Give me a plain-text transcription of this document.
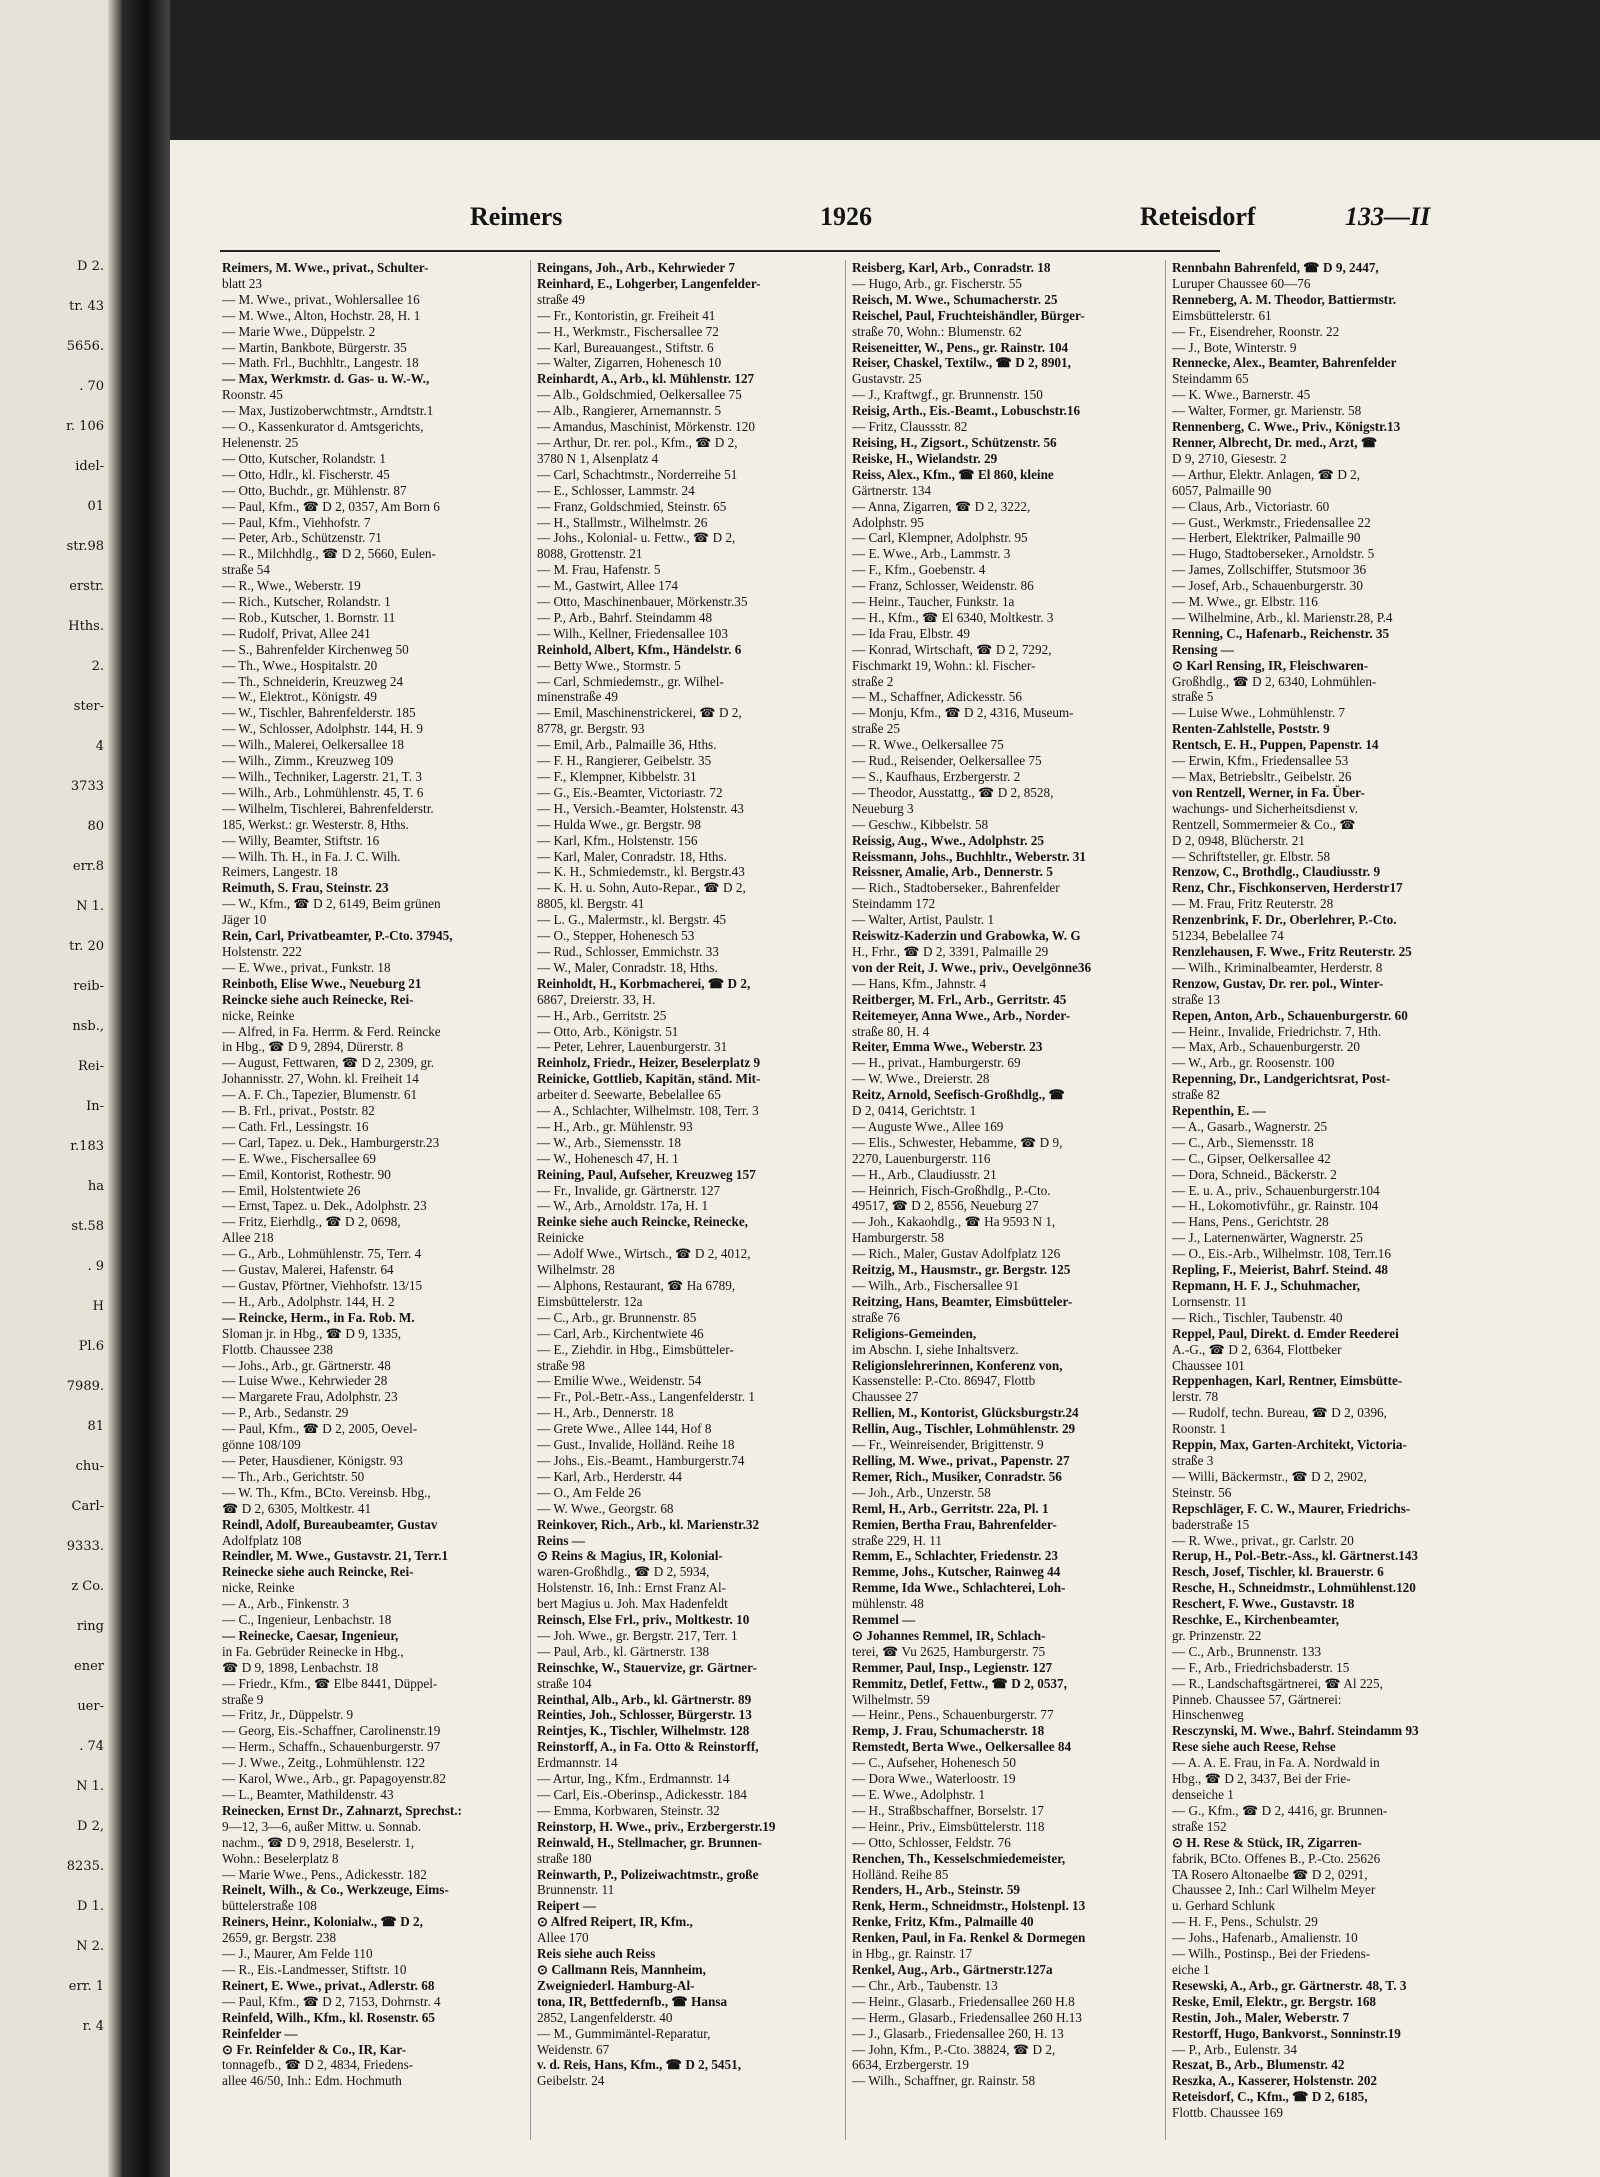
D 2.
tr. 43
5656.
. 70
r. 106
idel-
01
str.98
erstr.
Hths.
2.
ster-
4
3733
80
err.8
N 1.
tr. 20
reib-
nsb.,
Rei-
In-
r.183
ha
st.58
. 9
H
Pl.6
7989.
81
chu-
Carl-
9333.
z Co.
ring
ener
uer-
. 74
N 1.
D 2,
8235.
D 1.
N 2.
err. 1
r. 4
Reimers	1926	Reteisdorf	133—II

Reimers, M. Wwe., privat., Schulter-

blatt 23

— M. Wwe., privat., Wohlersallee 16

— M. Wwe., Alton, Hochstr. 28, H. 1

— Marie Wwe., Düppelstr. 2

— Martin, Bankbote, Bürgerstr. 35

— Math. Frl., Buchhltr., Langestr. 18

— Max, Werkmstr. d. Gas- u. W.-W.,

Roonstr. 45

— Max, Justizoberwchtmstr., Arndtstr.1

— O., Kassenkurator d. Amtsgerichts,

Helenenstr. 25

— Otto, Kutscher, Rolandstr. 1

— Otto, Hdlr., kl. Fischerstr. 45

— Otto, Buchdr., gr. Mühlenstr. 87

— Paul, Kfm., ☎ D 2, 0357, Am Born 6

— Paul, Kfm., Viehhofstr. 7

— Peter, Arb., Schützenstr. 71

— R., Milchhdlg., ☎ D 2, 5660, Eulen-

straße 54

— R., Wwe., Weberstr. 19

— Rich., Kutscher, Rolandstr. 1

— Rob., Kutscher, 1. Bornstr. 11

— Rudolf, Privat, Allee 241

— S., Bahrenfelder Kirchenweg 50

— Th., Wwe., Hospitalstr. 20

— Th., Schneiderin, Kreuzweg 24

— W., Elektrot., Königstr. 49

— W., Tischler, Bahrenfelderstr. 185

— W., Schlosser, Adolphstr. 144, H. 9

— Wilh., Malerei, Oelkersallee 18

— Wilh., Zimm., Kreuzweg 109

— Wilh., Techniker, Lagerstr. 21, T. 3

— Wilh., Arb., Lohmühlenstr. 45, T. 6

— Wilhelm, Tischlerei, Bahrenfelderstr.

185, Werkst.: gr. Westerstr. 8, Hths.

— Willy, Beamter, Stiftstr. 16

— Wilh. Th. H., in Fa. J. C. Wilh.

Reimers, Langestr. 18

Reimuth, S. Frau, Steinstr. 23

— W., Kfm., ☎ D 2, 6149, Beim grünen

Jäger 10

Rein, Carl, Privatbeamter, P.-Cto. 37945,

Holstenstr. 222

— E. Wwe., privat., Funkstr. 18

Reinboth, Elise Wwe., Neueburg 21

Reincke siehe auch Reinecke, Rei-

nicke, Reinke

— Alfred, in Fa. Herrm. & Ferd. Reincke

in Hbg., ☎ D 9, 2894, Dürerstr. 8

— August, Fettwaren, ☎ D 2, 2309, gr.

Johannisstr. 27, Wohn. kl. Freiheit 14

— A. F. Ch., Tapezier, Blumenstr. 61

— B. Frl., privat., Poststr. 82

— Cath. Frl., Lessingstr. 16

— Carl, Tapez. u. Dek., Hamburgerstr.23

— E. Wwe., Fischersallee 69

— Emil, Kontorist, Rothestr. 90

— Emil, Holstentwiete 26

— Ernst, Tapez. u. Dek., Adolphstr. 23

— Fritz, Eierhdlg., ☎ D 2, 0698,

Allee 218

— G., Arb., Lohmühlenstr. 75, Terr. 4

— Gustav, Malerei, Hafenstr. 64

— Gustav, Pförtner, Viehhofstr. 13/15

— H., Arb., Adolphstr. 144, H. 2

— Reincke, Herm., in Fa. Rob. M.

Sloman jr. in Hbg., ☎ D 9, 1335,

Flottb. Chaussee 238

— Johs., Arb., gr. Gärtnerstr. 48

— Luise Wwe., Kehrwieder 28

— Margarete Frau, Adolphstr. 23

— P., Arb., Sedanstr. 29

— Paul, Kfm., ☎ D 2, 2005, Oevel-

gönne 108/109

— Peter, Hausdiener, Königstr. 93

— Th., Arb., Gerichtstr. 50

— W. Th., Kfm., BCto. Vereinsb. Hbg.,

☎ D 2, 6305, Moltkestr. 41

Reindl, Adolf, Bureaubeamter, Gustav

Adolfplatz 108

Reindler, M. Wwe., Gustavstr. 21, Terr.1

Reinecke siehe auch Reincke, Rei-

nicke, Reinke

— A., Arb., Finkenstr. 3

— C., Ingenieur, Lenbachstr. 18

— Reinecke, Caesar, Ingenieur,

in Fa. Gebrüder Reinecke in Hbg.,

☎ D 9, 1898, Lenbachstr. 18

— Friedr., Kfm., ☎ Elbe 8441, Düppel-

straße 9

— Fritz, Jr., Düppelstr. 9

— Georg, Eis.-Schaffner, Carolinenstr.19

— Herm., Schaffn., Schauenburgerstr. 97

— J. Wwe., Zeitg., Lohmühlenstr. 122

— Karol, Wwe., Arb., gr. Papagoyenstr.82

— L., Beamter, Mathildenstr. 43

Reinecken, Ernst Dr., Zahnarzt, Sprechst.:

9—12, 3—6, außer Mittw. u. Sonnab.

nachm., ☎ D 9, 2918, Beselerstr. 1,

Wohn.: Beselerplatz 8

— Marie Wwe., Pens., Adickesstr. 182

Reinelt, Wilh., & Co., Werkzeuge, Eims-

büttelerstraße 108

Reiners, Heinr., Kolonialw., ☎ D 2,

2659, gr. Bergstr. 238

— J., Maurer, Am Felde 110

— R., Eis.-Landmesser, Stiftstr. 10

Reinert, E. Wwe., privat., Adlerstr. 68

— Paul, Kfm., ☎ D 2, 7153, Dohrnstr. 4

Reinfeld, Wilh., Kfm., kl. Rosenstr. 65

Reinfelder —

⊙ Fr. Reinfelder & Co., IR, Kar-

tonnagefb., ☎ D 2, 4834, Friedens-

allee 46/50, Inh.: Edm. Hochmuth

Reingans, Joh., Arb., Kehrwieder 7

Reinhard, E., Lohgerber, Langenfelder-

straße 49

— Fr., Kontoristin, gr. Freiheit 41

— H., Werkmstr., Fischersallee 72

— Karl, Bureauangest., Stiftstr. 6

— Walter, Zigarren, Hohenesch 10

Reinhardt, A., Arb., kl. Mühlenstr. 127

— Alb., Goldschmied, Oelkersallee 75

— Alb., Rangierer, Arnemannstr. 5

— Amandus, Maschinist, Mörkenstr. 120

— Arthur, Dr. rer. pol., Kfm., ☎ D 2,

3780 N 1, Alsenplatz 4

— Carl, Schachtmstr., Norderreihe 51

— E., Schlosser, Lammstr. 24

— Franz, Goldschmied, Steinstr. 65

— H., Stallmstr., Wilhelmstr. 26

— Johs., Kolonial- u. Fettw., ☎ D 2,

8088, Grottenstr. 21

— M. Frau, Hafenstr. 5

— M., Gastwirt, Allee 174

— Otto, Maschinenbauer, Mörkenstr.35

— P., Arb., Bahrf. Steindamm 48

— Wilh., Kellner, Friedensallee 103

Reinhold, Albert, Kfm., Händelstr. 6

— Betty Wwe., Stormstr. 5

— Carl, Schmiedemstr., gr. Wilhel-

minenstraße 49

— Emil, Maschinenstrickerei, ☎ D 2,

8778, gr. Bergstr. 93

— Emil, Arb., Palmaille 36, Hths.

— F. H., Rangierer, Geibelstr. 35

— F., Klempner, Kibbelstr. 31

— G., Eis.-Beamter, Victoriastr. 72

— H., Versich.-Beamter, Holstenstr. 43

— Hulda Wwe., gr. Bergstr. 98

— Karl, Kfm., Holstenstr. 156

— Karl, Maler, Conradstr. 18, Hths.

— K. H., Schmiedemstr., kl. Bergstr.43

— K. H. u. Sohn, Auto-Repar., ☎ D 2,

8805, kl. Bergstr. 41

— L. G., Malermstr., kl. Bergstr. 45

— O., Stepper, Hohenesch 53

— Rud., Schlosser, Emmichstr. 33

— W., Maler, Conradstr. 18, Hths.

Reinholdt, H., Korbmacherei, ☎ D 2,

6867, Dreierstr. 33, H.

— H., Arb., Gerritstr. 25

— Otto, Arb., Königstr. 51

— Peter, Lehrer, Lauenburgerstr. 31

Reinholz, Friedr., Heizer, Beselerplatz 9

Reinicke, Gottlieb, Kapitän, ständ. Mit-

arbeiter d. Seewarte, Bebelallee 65

— A., Schlachter, Wilhelmstr. 108, Terr. 3

— H., Arb., gr. Mühlenstr. 93

— W., Arb., Siemensstr. 18

— W., Hohenesch 47, H. 1

Reining, Paul, Aufseher, Kreuzweg 157

— Fr., Invalide, gr. Gärtnerstr. 127

— W., Arb., Arnoldstr. 17a, H. 1

Reinke siehe auch Reincke, Reinecke,

Reinicke

— Adolf Wwe., Wirtsch., ☎ D 2, 4012,

Wilhelmstr. 28

— Alphons, Restaurant, ☎ Ha 6789,

Eimsbüttelerstr. 12a

— C., Arb., gr. Brunnenstr. 85

— Carl, Arb., Kirchentwiete 46

— E., Ziehdir. in Hbg., Eimsbütteler-

straße 98

— Emilie Wwe., Weidenstr. 54

— Fr., Pol.-Betr.-Ass., Langenfelderstr. 1

— H., Arb., Dennerstr. 18

— Grete Wwe., Allee 144, Hof 8

— Gust., Invalide, Holländ. Reihe 18

— Johs., Eis.-Beamt., Hamburgerstr.74

— Karl, Arb., Herderstr. 44

— O., Am Felde 26

— W. Wwe., Georgstr. 68

Reinkover, Rich., Arb., kl. Marienstr.32

Reins —

⊙ Reins & Magius, IR, Kolonial-

waren-Großhdlg., ☎ D 2, 5934,

Holstenstr. 16, Inh.: Ernst Franz Al-

bert Magius u. Joh. Max Hadenfeldt

Reinsch, Else Frl., priv., Moltkestr. 10

— Joh. Wwe., gr. Bergstr. 217, Terr. 1

— Paul, Arb., kl. Gärtnerstr. 138

Reinschke, W., Stauervize, gr. Gärtner-

straße 104

Reinthal, Alb., Arb., kl. Gärtnerstr. 89

Reinties, Joh., Schlosser, Bürgerstr. 13

Reintjes, K., Tischler, Wilhelmstr. 128

Reinstorff, A., in Fa. Otto & Reinstorff,

Erdmannstr. 14

— Artur, Ing., Kfm., Erdmannstr. 14

— Carl, Eis.-Oberinsp., Adickesstr. 184

— Emma, Korbwaren, Steinstr. 32

Reinstorp, H. Wwe., priv., Erzbergerstr.19

Reinwald, H., Stellmacher, gr. Brunnen-

straße 180

Reinwarth, P., Polizeiwachtmstr., große

Brunnenstr. 11

Reipert —

⊙ Alfred Reipert, IR, Kfm.,

Allee 170

Reis siehe auch Reiss

⊙ Callmann Reis, Mannheim,

Zweigniederl. Hamburg-Al-

tona, IR, Bettfedernfb., ☎ Hansa

2852, Langenfelderstr. 40

— M., Gummimäntel-Reparatur,

Weidenstr. 67

v. d. Reis, Hans, Kfm., ☎ D 2, 5451,

Geibelstr. 24

Reisberg, Karl, Arb., Conradstr. 18

— Hugo, Arb., gr. Fischerstr. 55

Reisch, M. Wwe., Schumacherstr. 25

Reischel, Paul, Fruchteishändler, Bürger-

straße 70, Wohn.: Blumenstr. 62

Reiseneitter, W., Pens., gr. Rainstr. 104

Reiser, Chaskel, Textilw., ☎ D 2, 8901,

Gustavstr. 25

— J., Kraftwgf., gr. Brunnenstr. 150

Reisig, Arth., Eis.-Beamt., Lobuschstr.16

— Fritz, Claussstr. 82

Reising, H., Zigsort., Schützenstr. 56

Reiske, H., Wielandstr. 29

Reiss, Alex., Kfm., ☎ El 860, kleine

Gärtnerstr. 134

— Anna, Zigarren, ☎ D 2, 3222,

Adolphstr. 95

— Carl, Klempner, Adolphstr. 95

— E. Wwe., Arb., Lammstr. 3

— F., Kfm., Goebenstr. 4

— Franz, Schlosser, Weidenstr. 86

— Heinr., Taucher, Funkstr. 1a

— H., Kfm., ☎ El 6340, Moltkestr. 3

— Ida Frau, Elbstr. 49

— Konrad, Wirtschaft, ☎ D 2, 7292,

Fischmarkt 19, Wohn.: kl. Fischer-

straße 2

— M., Schaffner, Adickesstr. 56

— Monju, Kfm., ☎ D 2, 4316, Museum-

straße 25

— R. Wwe., Oelkersallee 75

— Rud., Reisender, Oelkersallee 75

— S., Kaufhaus, Erzbergerstr. 2

— Theodor, Ausstattg., ☎ D 2, 8528,

Neueburg 3

— Geschw., Kibbelstr. 58

Reissig, Aug., Wwe., Adolphstr. 25

Reissmann, Johs., Buchhltr., Weberstr. 31

Reissner, Amalie, Arb., Dennerstr. 5

— Rich., Stadtoberseker., Bahrenfelder

Steindamm 172

— Walter, Artist, Paulstr. 1

Reiswitz-Kaderzin und Grabowka, W. G

H., Frhr., ☎ D 2, 3391, Palmaille 29

von der Reit, J. Wwe., priv., Oevelgönne36

— Hans, Kfm., Jahnstr. 4

Reitberger, M. Frl., Arb., Gerritstr. 45

Reitemeyer, Anna Wwe., Arb., Norder-

straße 80, H. 4

Reiter, Emma Wwe., Weberstr. 23

— H., privat., Hamburgerstr. 69

— W. Wwe., Dreierstr. 28

Reitz, Arnold, Seefisch-Großhdlg., ☎

D 2, 0414, Gerichtstr. 1

— Auguste Wwe., Allee 169

— Elis., Schwester, Hebamme, ☎ D 9,

2270, Lauenburgerstr. 116

— H., Arb., Claudiusstr. 21

— Heinrich, Fisch-Großhdlg., P.-Cto.

49517, ☎ D 2, 8556, Neueburg 27

— Joh., Kakaohdlg., ☎ Ha 9593 N 1,

Hamburgerstr. 58

— Rich., Maler, Gustav Adolfplatz 126

Reitzig, M., Hausmstr., gr. Bergstr. 125

— Wilh., Arb., Fischersallee 91

Reitzing, Hans, Beamter, Eimsbütteler-

straße 76

Religions-Gemeinden,

im Abschn. I, siehe Inhaltsverz.

Religionslehrerinnen, Konferenz von,

Kassenstelle: P.-Cto. 86947, Flottb

Chaussee 27

Rellien, M., Kontorist, Glücksburgstr.24

Rellin, Aug., Tischler, Lohmühlenstr. 29

— Fr., Weinreisender, Brigittenstr. 9

Relling, M. Wwe., privat., Papenstr. 27

Remer, Rich., Musiker, Conradstr. 56

— Joh., Arb., Unzerstr. 58

Reml, H., Arb., Gerritstr. 22a, Pl. 1

Remien, Bertha Frau, Bahrenfelder-

straße 229, H. 11

Remm, E., Schlachter, Friedenstr. 23

Remme, Johs., Kutscher, Rainweg 44

Remme, Ida Wwe., Schlachterei, Loh-

mühlenstr. 48

Remmel —

⊙ Johannes Remmel, IR, Schlach-

terei, ☎ Vu 2625, Hamburgerstr. 75

Remmer, Paul, Insp., Legienstr. 127

Remmitz, Detlef, Fettw., ☎ D 2, 0537,

Wilhelmstr. 59

— Heinr., Pens., Schauenburgerstr. 77

Remp, J. Frau, Schumacherstr. 18

Remstedt, Berta Wwe., Oelkersallee 84

— C., Aufseher, Hohenesch 50

— Dora Wwe., Waterloostr. 19

— E. Wwe., Adolphstr. 1

— H., Straßbschaffner, Borselstr. 17

— Heinr., Priv., Eimsbüttelerstr. 118

— Otto, Schlosser, Feldstr. 76

Renchen, Th., Kesselschmiedemeister,

Holländ. Reihe 85

Renders, H., Arb., Steinstr. 59

Renk, Herm., Schneidmstr., Holstenpl. 13

Renke, Fritz, Kfm., Palmaille 40

Renken, Paul, in Fa. Renkel & Dormegen

in Hbg., gr. Rainstr. 17

Renkel, Aug., Arb., Gärtnerstr.127a

— Chr., Arb., Taubenstr. 13

— Heinr., Glasarb., Friedensallee 260 H.8

— Herm., Glasarb., Friedensallee 260 H.13

— J., Glasarb., Friedensallee 260, H. 13

— John, Kfm., P.-Cto. 38824, ☎ D 2,

6634, Erzbergerstr. 19

— Wilh., Schaffner, gr. Rainstr. 58

Rennbahn Bahrenfeld, ☎ D 9, 2447,

Luruper Chaussee 60—76

Renneberg, A. M. Theodor, Battiermstr.

Eimsbüttelerstr. 61

— Fr., Eisendreher, Roonstr. 22

— J., Bote, Winterstr. 9

Rennecke, Alex., Beamter, Bahrenfelder

Steindamm 65

— K. Wwe., Barnerstr. 45

— Walter, Former, gr. Marienstr. 58

Rennenberg, C. Wwe., Priv., Königstr.13

Renner, Albrecht, Dr. med., Arzt, ☎

D 9, 2710, Giesestr. 2

— Arthur, Elektr. Anlagen, ☎ D 2,

6057, Palmaille 90

— Claus, Arb., Victoriastr. 60

— Gust., Werkmstr., Friedensallee 22

— Herbert, Elektriker, Palmaille 90

— Hugo, Stadtoberseker., Arnoldstr. 5

— James, Zollschiffer, Stutsmoor 36

— Josef, Arb., Schauenburgerstr. 30

— M. Wwe., gr. Elbstr. 116

— Wilhelmine, Arb., kl. Marienstr.28, P.4

Renning, C., Hafenarb., Reichenstr. 35

Rensing —

⊙ Karl Rensing, IR, Fleischwaren-

Großhdlg., ☎ D 2, 6340, Lohmühlen-

straße 5

— Luise Wwe., Lohmühlenstr. 7

Renten-Zahlstelle, Poststr. 9

Rentsch, E. H., Puppen, Papenstr. 14

— Erwin, Kfm., Friedensallee 53

— Max, Betriebsltr., Geibelstr. 26

von Rentzell, Werner, in Fa. Über-

wachungs- und Sicherheitsdienst v.

Rentzell, Sommermeier & Co., ☎

D 2, 0948, Blücherstr. 21

— Schriftsteller, gr. Elbstr. 58

Renzow, C., Brothdlg., Claudiusstr. 9

Renz, Chr., Fischkonserven, Herderstr17

— M. Frau, Fritz Reuterstr. 28

Renzenbrink, F. Dr., Oberlehrer, P.-Cto.

51234, Bebelallee 74

Renzlehausen, F. Wwe., Fritz Reuterstr. 25

— Wilh., Kriminalbeamter, Herderstr. 8

Renzow, Gustav, Dr. rer. pol., Winter-

straße 13

Repen, Anton, Arb., Schauenburgerstr. 60

— Heinr., Invalide, Friedrichstr. 7, Hth.

— Max, Arb., Schauenburgerstr. 20

— W., Arb., gr. Roosenstr. 100

Repenning, Dr., Landgerichtsrat, Post-

straße 82

Repenthin, E. —

— A., Gasarb., Wagnerstr. 25

— C., Arb., Siemensstr. 18

— C., Gipser, Oelkersallee 42

— Dora, Schneid., Bäckerstr. 2

— E. u. A., priv., Schauenburgerstr.104

— H., Lokomotivführ., gr. Rainstr. 104

— Hans, Pens., Gerichtstr. 28

— J., Laternenwärter, Wagnerstr. 25

— O., Eis.-Arb., Wilhelmstr. 108, Terr.16

Repling, F., Meierist, Bahrf. Steind. 48

Repmann, H. F. J., Schuhmacher,

Lornsenstr. 11

— Rich., Tischler, Taubenstr. 40

Reppel, Paul, Direkt. d. Emder Reederei

A.-G., ☎ D 2, 6364, Flottbeker

Chaussee 101

Reppenhagen, Karl, Rentner, Eimsbütte-

lerstr. 78

— Rudolf, techn. Bureau, ☎ D 2, 0396,

Roonstr. 1

Reppin, Max, Garten-Architekt, Victoria-

straße 3

— Willi, Bäckermstr., ☎ D 2, 2902,

Steinstr. 56

Repschläger, F. C. W., Maurer, Friedrichs-

baderstraße 15

— R. Wwe., privat., gr. Carlstr. 20

Rerup, H., Pol.-Betr.-Ass., kl. Gärtnerst.143

Resch, Josef, Tischler, kl. Brauerstr. 6

Resche, H., Schneidmstr., Lohmühlenst.120

Reschert, F. Wwe., Gustavstr. 18

Reschke, E., Kirchenbeamter,

gr. Prinzenstr. 22

— C., Arb., Brunnenstr. 133

— F., Arb., Friedrichsbaderstr. 15

— R., Landschaftsgärtnerei, ☎ Al 225,

Pinneb. Chaussee 57, Gärtnerei:

Hinschenweg

Resczynski, M. Wwe., Bahrf. Steindamm 93

Rese siehe auch Reese, Rehse

— A. A. E. Frau, in Fa. A. Nordwald in

Hbg., ☎ D 2, 3437, Bei der Frie-

denseiche 1

— G., Kfm., ☎ D 2, 4416, gr. Brunnen-

straße 152

⊙ H. Rese & Stück, IR, Zigarren-

fabrik, BCto. Offenes B., P.-Cto. 25626

TA Rosero Altonaelbe ☎ D 2, 0291,

Chaussee 2, Inh.: Carl Wilhelm Meyer

u. Gerhard Schlunk

— H. F., Pens., Schulstr. 29

— Johs., Hafenarb., Amalienstr. 10

— Wilh., Postinsp., Bei der Friedens-

eiche 1

Resewski, A., Arb., gr. Gärtnerstr. 48, T. 3

Reske, Emil, Elektr., gr. Bergstr. 168

Restin, Joh., Maler, Weberstr. 7

Restorff, Hugo, Bankvorst., Sonninstr.19

— P., Arb., Eulenstr. 34

Reszat, B., Arb., Blumenstr. 42

Reszka, A., Kasserer, Holstenstr. 202

Reteisdorf, C., Kfm., ☎ D 2, 6185,

Flottb. Chaussee 169
